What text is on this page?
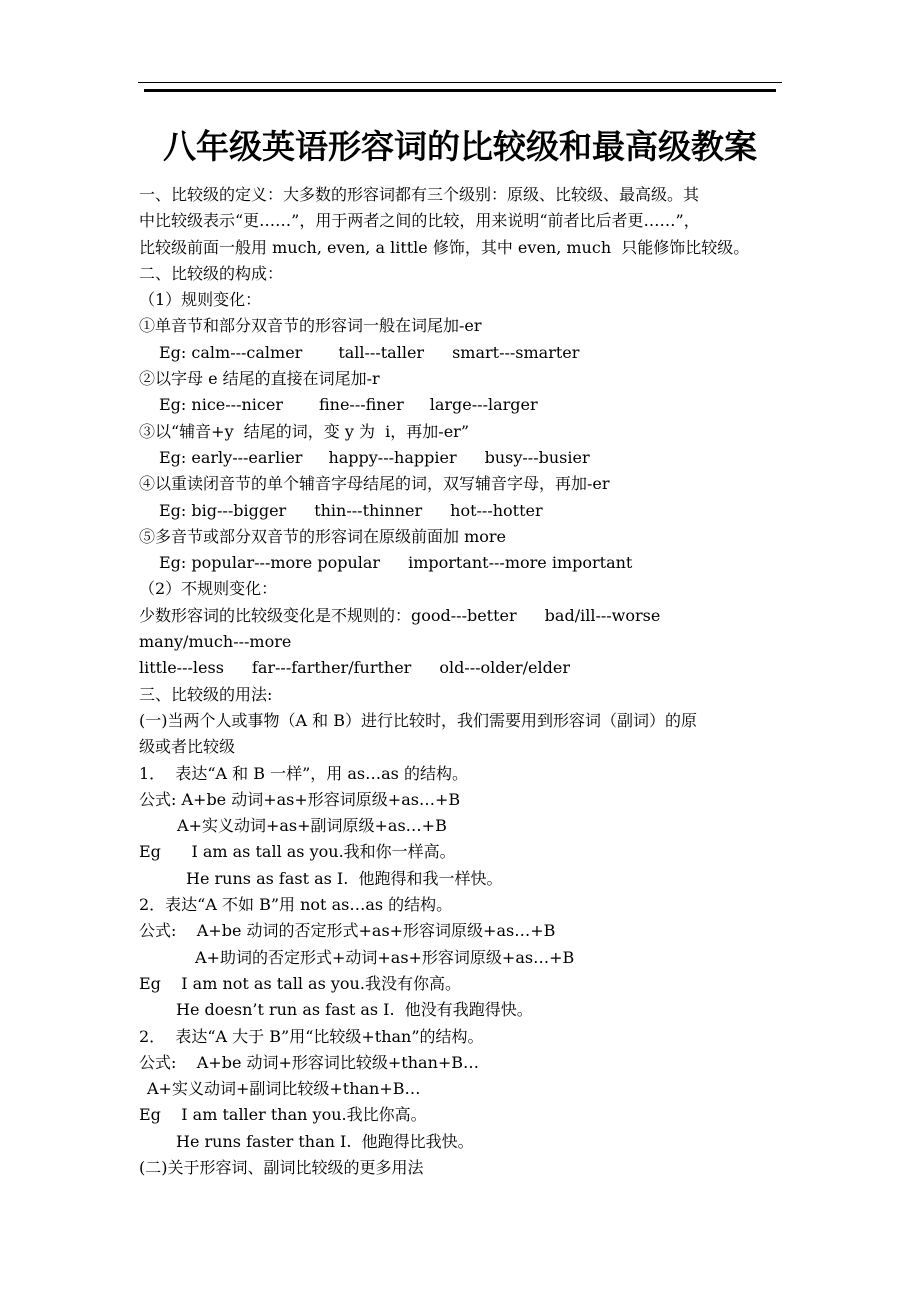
八年级英语形容词的比较级和最高级教案
一、比较级的定义：大多数的形容词都有三个级别：原级、比较级、最高级。其
中比较级表示“更……”，用于两者之间的比较，用来说明“前者比后者更……”，
比较级前面一般用 much, even, a little 修饰，其中 even, much  只能修饰比较级。
二、比较级的构成：
（1）规则变化：
①单音节和部分双音节的形容词一般在词尾加-er
Eg: calm---calmer tall---taller smart---smarter
②以字母 e 结尾的直接在词尾加-r
Eg: nice---nicer fine---finer large---larger
③以“辅音+y  结尾的词，变 y 为  i，再加-er”
Eg: early---earlier happy---happier busy---busier
④以重读闭音节的单个辅音字母结尾的词，双写辅音字母，再加-er
Eg: big---bigger thin---thinner hot---hotter
⑤多音节或部分双音节的形容词在原级前面加 more
Eg: popular---more popular important---more important
（2）不规则变化：
少数形容词的比较级变化是不规则的：good---better bad/ill---worse
many/much---more
little---less far---farther/further old---older/elder
三、比较级的用法:
(一)当两个人或事物（A 和 B）进行比较时，我们需要用到形容词（副词）的原
级或者比较级
1．  表达“A 和 B 一样”，用 as…as 的结构。
公式: A+be 动词+as+形容词原级+as…+B
A+实义动词+as+副词原级+as…+B
Eg      I am as tall as you.我和你一样高。
He runs as fast as I.  他跑得和我一样快。
2．表达“A 不如 B”用 not as…as 的结构。
公式:    A+be 动词的否定形式+as+形容词原级+as…+B
A+助词的否定形式+动词+as+形容词原级+as…+B
Eg    I am not as tall as you.我没有你高。
He doesn’t run as fast as I.  他没有我跑得快。
2．  表达“A 大于 B”用“比较级+than”的结构。
公式:    A+be 动词+形容词比较级+than+B…
A+实义动词+副词比较级+than+B…
Eg    I am taller than you.我比你高。
He runs faster than I.  他跑得比我快。
(二)关于形容词、副词比较级的更多用法
